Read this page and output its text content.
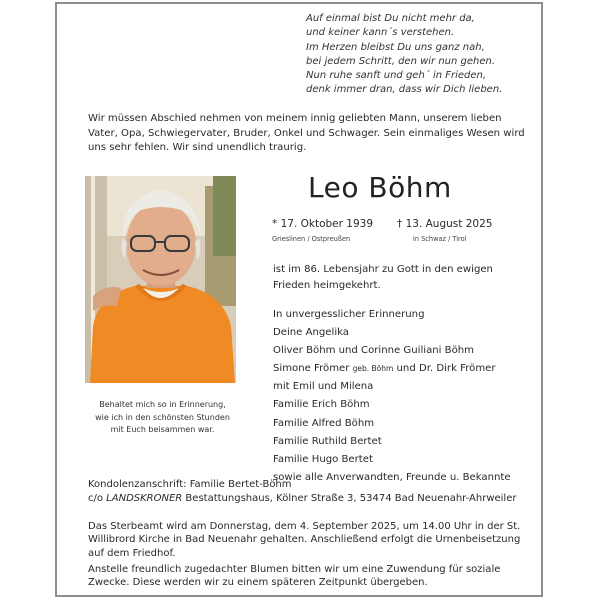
Auf einmal bist Du nicht mehr da,
und keiner kann´s verstehen.
Im Herzen bleibst Du uns ganz nah,
bei jedem Schritt, den wir nun gehen.
Nun ruhe sanft und geh´ in Frieden,
denk immer dran, dass wir Dich lieben.
Wir müssen Abschied nehmen von meinem innig geliebten Mann, unserem lieben Vater, Opa, Schwiegervater, Bruder, Onkel und Schwager. Sein einmaliges Wesen wird uns sehr fehlen. Wir sind unendlich traurig.
Leo Böhm
* 17. Oktober 1939 † 13. August 2025
Grieslinen / Ostpreußen	in Schwaz / Tirol
Behaltet mich so in Erinnerung,
wie ich in den schönsten Stunden
mit Euch beisammen war.
ist im 86. Lebensjahr zu Gott in den ewigen Frieden heimgekehrt.
In unvergesslicher Erinnerung
Deine Angelika
Oliver Böhm und Corinne Guiliani Böhm
Simone Frömer geb. Böhm und Dr. Dirk Frömer
mit Emil und Milena
Familie Erich Böhm
Familie Alfred Böhm
Familie Ruthild Bertet
Familie Hugo Bertet
sowie alle Anverwandten, Freunde u. Bekannte
Kondolenzanschrift: Familie Bertet-Böhm
c/o LANDSKRONER Bestattungshaus, Kölner Straße 3, 53474 Bad Neuenahr-Ahrweiler
Das Sterbeamt wird am Donnerstag, dem 4. September 2025, um 14.00 Uhr in der St. Willibrord Kirche in Bad Neuenahr gehalten. Anschließend erfolgt die Urnenbeisetzung auf dem Friedhof.
Anstelle freundlich zugedachter Blumen bitten wir um eine Zuwendung für soziale Zwecke. Diese werden wir zu einem späteren Zeitpunkt übergeben.
